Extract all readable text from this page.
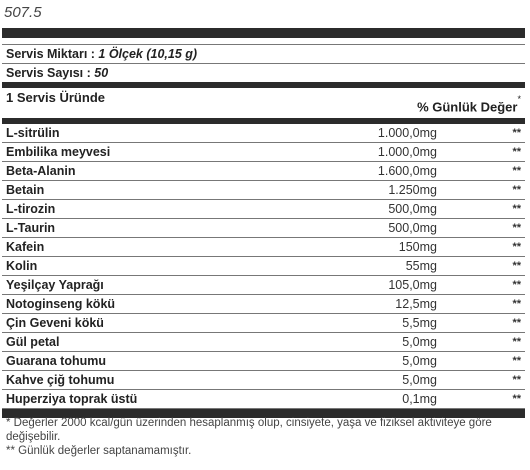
507.5
Servis Miktarı : 1 Ölçek (10,15 g)
Servis Sayısı : 50
1 Servis Üründe
% Günlük Değer*
L-sitrülin	1.000,0mg	**
Embilika meyvesi	1.000,0mg	**
Beta-Alanin	1.600,0mg	**
Betain	1.250mg	**
L-tirozin	500,0mg	**
L-Taurin	500,0mg	**
Kafein	150mg	**
Kolin	55mg	**
Yeşilçay Yaprağı	105,0mg	**
Notoginseng kökü	12,5mg	**
Çin Geveni kökü	5,5mg	**
Gül petal	5,0mg	**
Guarana tohumu	5,0mg	**
Kahve çiğ tohumu	5,0mg	**
Huperziya toprak üstü	0,1mg	**
* Değerler 2000 kcal/gün üzerinden hesaplanmış olup, cinsiyete, yaşa ve fiziksel aktiviteye göre değişebilir.
** Günlük değerler saptanamamıştır.
